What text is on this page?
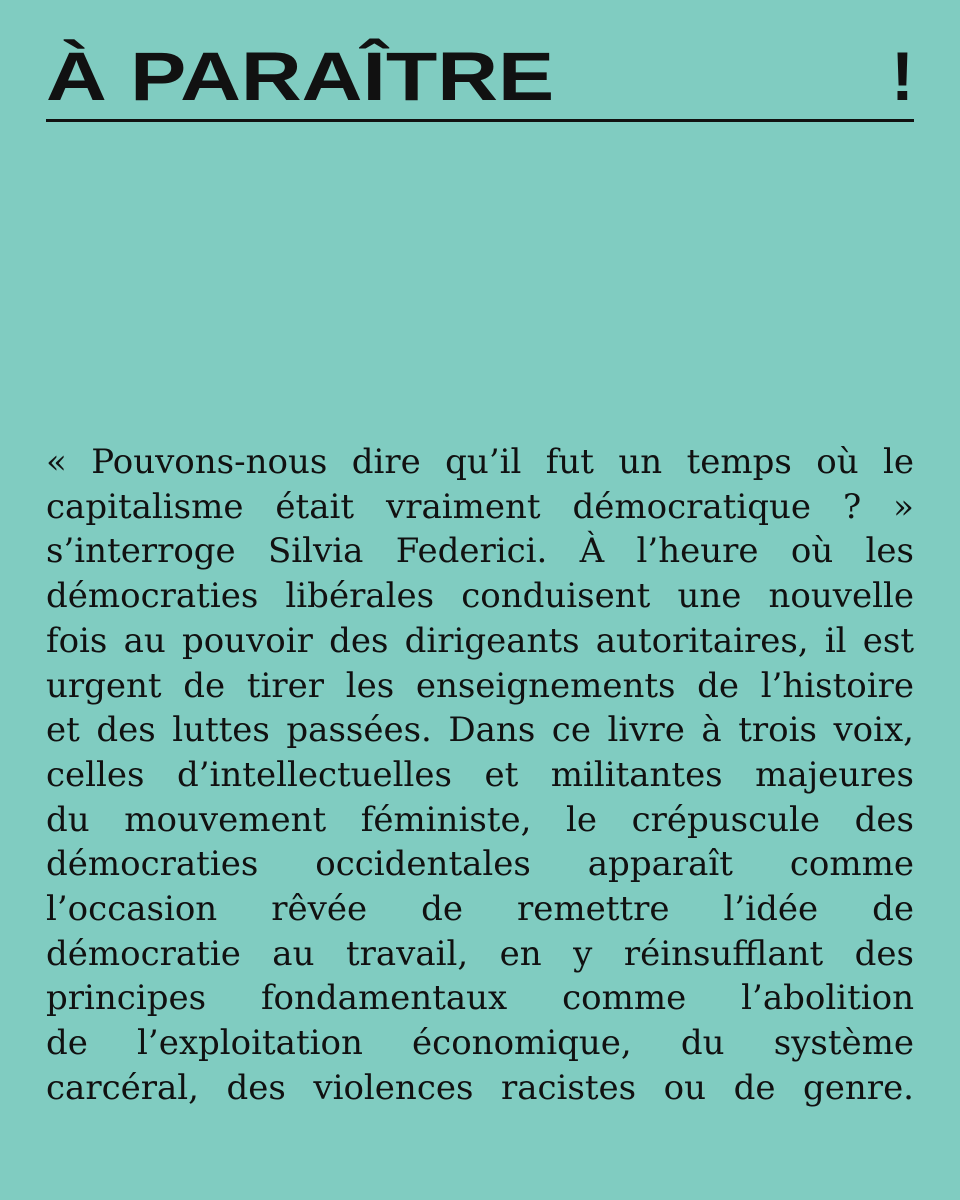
À PARAÎTRE	!

« Pouvons-nous dire qu’il fut un temps où le
capitalisme était vraiment démocratique ? »
s’interroge Silvia Federici. À l’heure où les
démocraties libérales conduisent une nouvelle
fois au pouvoir des dirigeants autoritaires, il est
urgent de tirer les enseignements de l’histoire
et des luttes passées. Dans ce livre à trois voix,
celles d’intellectuelles et militantes majeures
du mouvement féministe, le crépuscule des
démocraties occidentales apparaît comme
l’occasion rêvée de remettre l’idée de
démocratie au travail, en y réinsufflant des
principes fondamentaux comme l’abolition
de l’exploitation économique, du système
carcéral, des violences racistes ou de genre.
